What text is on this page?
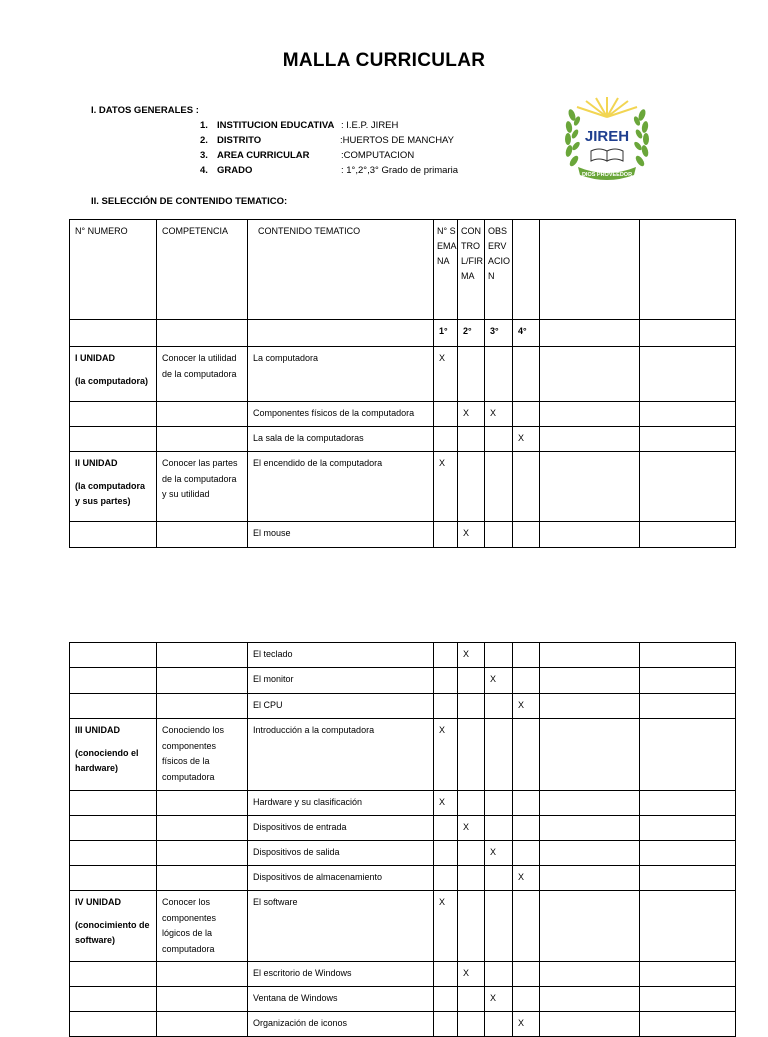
MALLA CURRICULAR
I. DATOS GENERALES :
1. INSTITUCION EDUCATIVA : I.E.P. JIREH
2. DISTRITO	:HUERTOS DE MANCHAY
3. AREA CURRICULAR	:COMPUTACION
4. GRADO	: 1°,2°,3° Grado de primaria
JIREH
DIOS PROVEEDOR
II. SELECCIÓN DE CONTENIDO TEMATICO:
N° NUMERO	COMPETENCIA	CONTENIDO TEMATICO	N° SEMANA	CONTROL/FIRMA	OBSERVACION			

			1°	2°	3°	4°		

I UNIDAD
(la computadora)	Conocer la utilidad de la computadora	La computadora	X					
		Componentes físicos de la computadora		X	X			
		La sala de la computadoras				X		

II UNIDAD
(la computadora y sus partes)	Conocer las partes de la computadora y su utilidad	El encendido de la computadora	X					
		El mouse		X				
		El teclado		X				
		El monitor			X			
		El CPU				X		

III UNIDAD
(conociendo el hardware)	Conociendo los componentes físicos de la computadora	Introducción a la computadora	X					
		Hardware y su clasificación	X					
		Dispositivos de entrada		X				
		Dispositivos de salida			X			
		Dispositivos de almacenamiento				X		

IV UNIDAD
(conocimiento de software)	Conocer los componentes lógicos de la computadora	El software	X					
		El escritorio de Windows		X				
		Ventana de Windows			X			
		Organización de iconos				X		
